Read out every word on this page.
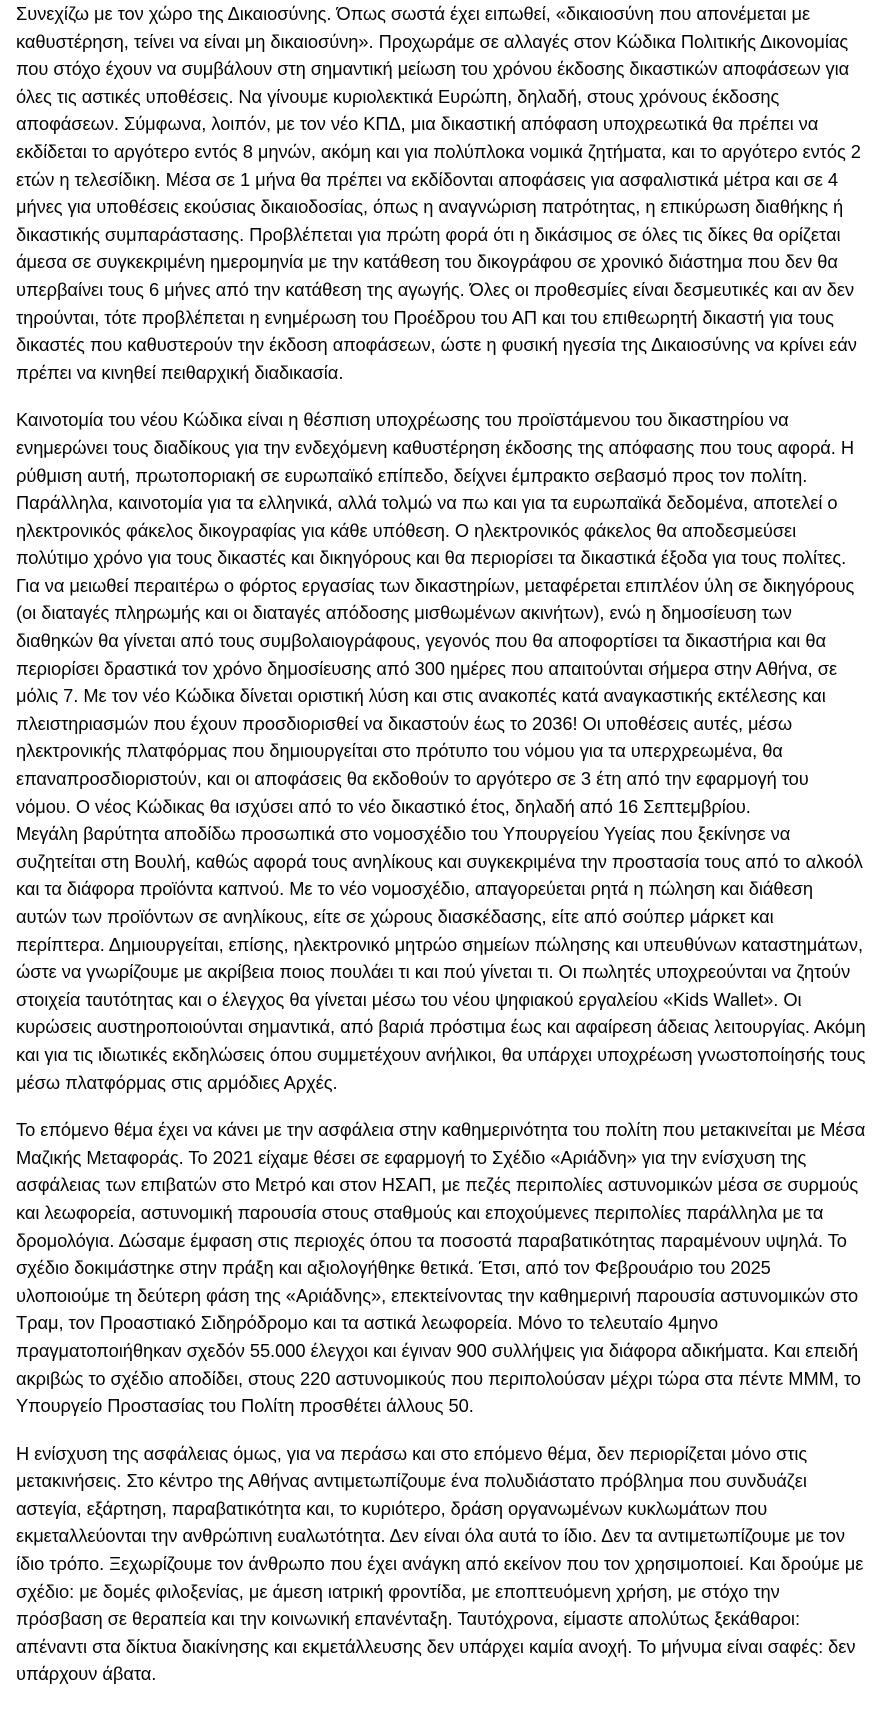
Συνεχίζω με τον χώρο της Δικαιοσύνης. Όπως σωστά έχει ειπωθεί, «δικαιοσύνη που απονέμεται με καθυστέρηση, τείνει να είναι μη δικαιοσύνη». Προχωράμε σε αλλαγές στον Κώδικα Πολιτικής Δικονομίας που στόχο έχουν να συμβάλουν στη σημαντική μείωση του χρόνου έκδοσης δικαστικών αποφάσεων για όλες τις αστικές υποθέσεις. Να γίνουμε κυριολεκτικά Ευρώπη, δηλαδή, στους χρόνους έκδοσης αποφάσεων. Σύμφωνα, λοιπόν, με τον νέο ΚΠΔ, μια δικαστική απόφαση υποχρεωτικά θα πρέπει να εκδίδεται το αργότερο εντός 8 μηνών, ακόμη και για πολύπλοκα νομικά ζητήματα, και το αργότερο εντός 2 ετών η τελεσίδικη. Μέσα σε 1 μήνα θα πρέπει να εκδίδονται αποφάσεις για ασφαλιστικά μέτρα και σε 4 μήνες για υποθέσεις εκούσιας δικαιοδοσίας, όπως η αναγνώριση πατρότητας, η επικύρωση διαθήκης ή δικαστικής συμπαράστασης. Προβλέπεται για πρώτη φορά ότι η δικάσιμος σε όλες τις δίκες θα ορίζεται άμεσα σε συγκεκριμένη ημερομηνία με την κατάθεση του δικογράφου σε χρονικό διάστημα που δεν θα υπερβαίνει τους 6 μήνες από την κατάθεση της αγωγής. Όλες οι προθεσμίες είναι δεσμευτικές και αν δεν τηρούνται, τότε προβλέπεται η ενημέρωση του Προέδρου του ΑΠ και του επιθεωρητή δικαστή για τους δικαστές που καθυστερούν την έκδοση αποφάσεων, ώστε η φυσική ηγεσία της Δικαιοσύνης να κρίνει εάν πρέπει να κινηθεί πειθαρχική διαδικασία.

Καινοτομία του νέου Κώδικα είναι η θέσπιση υποχρέωσης του προϊστάμενου του δικαστηρίου να ενημερώνει τους διαδίκους για την ενδεχόμενη καθυστέρηση έκδοσης της απόφασης που τους αφορά. Η ρύθμιση αυτή, πρωτοποριακή σε ευρωπαϊκό επίπεδο, δείχνει έμπρακτο σεβασμό προς τον πολίτη. Παράλληλα, καινοτομία για τα ελληνικά, αλλά τολμώ να πω και για τα ευρωπαϊκά δεδομένα, αποτελεί ο ηλεκτρονικός φάκελος δικογραφίας για κάθε υπόθεση. Ο ηλεκτρονικός φάκελος θα αποδεσμεύσει πολύτιμο χρόνο για τους δικαστές και δικηγόρους και θα περιορίσει τα δικαστικά έξοδα για τους πολίτες. Για να μειωθεί περαιτέρω ο φόρτος εργασίας των δικαστηρίων, μεταφέρεται επιπλέον ύλη σε δικηγόρους (οι διαταγές πληρωμής και οι διαταγές απόδοσης μισθωμένων ακινήτων), ενώ η δημοσίευση των διαθηκών θα γίνεται από τους συμβολαιογράφους, γεγονός που θα αποφορτίσει τα δικαστήρια και θα περιορίσει δραστικά τον χρόνο δημοσίευσης από 300 ημέρες που απαιτούνται σήμερα στην Αθήνα, σε μόλις 7. Με τον νέο Κώδικα δίνεται οριστική λύση και στις ανακοπές κατά αναγκαστικής εκτέλεσης και πλειστηριασμών που έχουν προσδιορισθεί να δικαστούν έως το 2036! Οι υποθέσεις αυτές, μέσω ηλεκτρονικής πλατφόρμας που δημιουργείται στο πρότυπο του νόμου για τα υπερχρεωμένα, θα επαναπροσδιοριστούν, και οι αποφάσεις θα εκδοθούν το αργότερο σε 3 έτη από την εφαρμογή του νόμου. Ο νέος Κώδικας θα ισχύσει από το νέο δικαστικό έτος, δηλαδή από 16 Σεπτεμβρίου.
Μεγάλη βαρύτητα αποδίδω προσωπικά στο νομοσχέδιο του Υπουργείου Υγείας που ξεκίνησε να συζητείται στη Βουλή, καθώς αφορά τους ανηλίκους και συγκεκριμένα την προστασία τους από το αλκοόλ και τα διάφορα προϊόντα καπνού. Με το νέο νομοσχέδιο, απαγορεύεται ρητά η πώληση και διάθεση αυτών των προϊόντων σε ανηλίκους, είτε σε χώρους διασκέδασης, είτε από σούπερ μάρκετ και περίπτερα. Δημιουργείται, επίσης, ηλεκτρονικό μητρώο σημείων πώλησης και υπευθύνων καταστημάτων, ώστε να γνωρίζουμε με ακρίβεια ποιος πουλάει τι και πού γίνεται τι. Οι πωλητές υποχρεούνται να ζητούν στοιχεία ταυτότητας και ο έλεγχος θα γίνεται μέσω του νέου ψηφιακού εργαλείου «Kids Wallet». Οι κυρώσεις αυστηροποιούνται σημαντικά, από βαριά πρόστιμα έως και αφαίρεση άδειας λειτουργίας. Ακόμη και για τις ιδιωτικές εκδηλώσεις όπου συμμετέχουν ανήλικοι, θα υπάρχει υποχρέωση γνωστοποίησής τους μέσω πλατφόρμας στις αρμόδιες Αρχές.

Το επόμενο θέμα έχει να κάνει με την ασφάλεια στην καθημερινότητα του πολίτη που μετακινείται με Μέσα Μαζικής Μεταφοράς. Το 2021 είχαμε θέσει σε εφαρμογή το Σχέδιο «Αριάδνη» για την ενίσχυση της ασφάλειας των επιβατών στο Μετρό και στον ΗΣΑΠ, με πεζές περιπολίες αστυνομικών μέσα σε συρμούς και λεωφορεία, αστυνομική παρουσία στους σταθμούς και εποχούμενες περιπολίες παράλληλα με τα δρομολόγια. Δώσαμε έμφαση στις περιοχές όπου τα ποσοστά παραβατικότητας παραμένουν υψηλά. Το σχέδιο δοκιμάστηκε στην πράξη και αξιολογήθηκε θετικά. Έτσι, από τον Φεβρουάριο του 2025 υλοποιούμε τη δεύτερη φάση της «Αριάδνης», επεκτείνοντας την καθημερινή παρουσία αστυνομικών στο Τραμ, τον Προαστιακό Σιδηρόδρομο και τα αστικά λεωφορεία. Μόνο το τελευταίο 4μηνο πραγματοποιήθηκαν σχεδόν 55.000 έλεγχοι και έγιναν 900 συλλήψεις για διάφορα αδικήματα. Και επειδή ακριβώς το σχέδιο αποδίδει, στους 220 αστυνομικούς που περιπολούσαν μέχρι τώρα στα πέντε ΜΜΜ, το Υπουργείο Προστασίας του Πολίτη προσθέτει άλλους 50.

Η ενίσχυση της ασφάλειας όμως, για να περάσω και στο επόμενο θέμα, δεν περιορίζεται μόνο στις μετακινήσεις. Στο κέντρο της Αθήνας αντιμετωπίζουμε ένα πολυδιάστατο πρόβλημα που συνδυάζει αστεγία, εξάρτηση, παραβατικότητα και, το κυριότερο, δράση οργανωμένων κυκλωμάτων που εκμεταλλεύονται την ανθρώπινη ευαλωτότητα. Δεν είναι όλα αυτά το ίδιο. Δεν τα αντιμετωπίζουμε με τον ίδιο τρόπο. Ξεχωρίζουμε τον άνθρωπο που έχει ανάγκη από εκείνον που τον χρησιμοποιεί. Και δρούμε με σχέδιο: με δομές φιλοξενίας, με άμεση ιατρική φροντίδα, με εποπτευόμενη χρήση, με στόχο την πρόσβαση σε θεραπεία και την κοινωνική επανένταξη. Ταυτόχρονα, είμαστε απολύτως ξεκάθαροι: απέναντι στα δίκτυα διακίνησης και εκμετάλλευσης δεν υπάρχει καμία ανοχή. Το μήνυμα είναι σαφές: δεν υπάρχουν άβατα.
